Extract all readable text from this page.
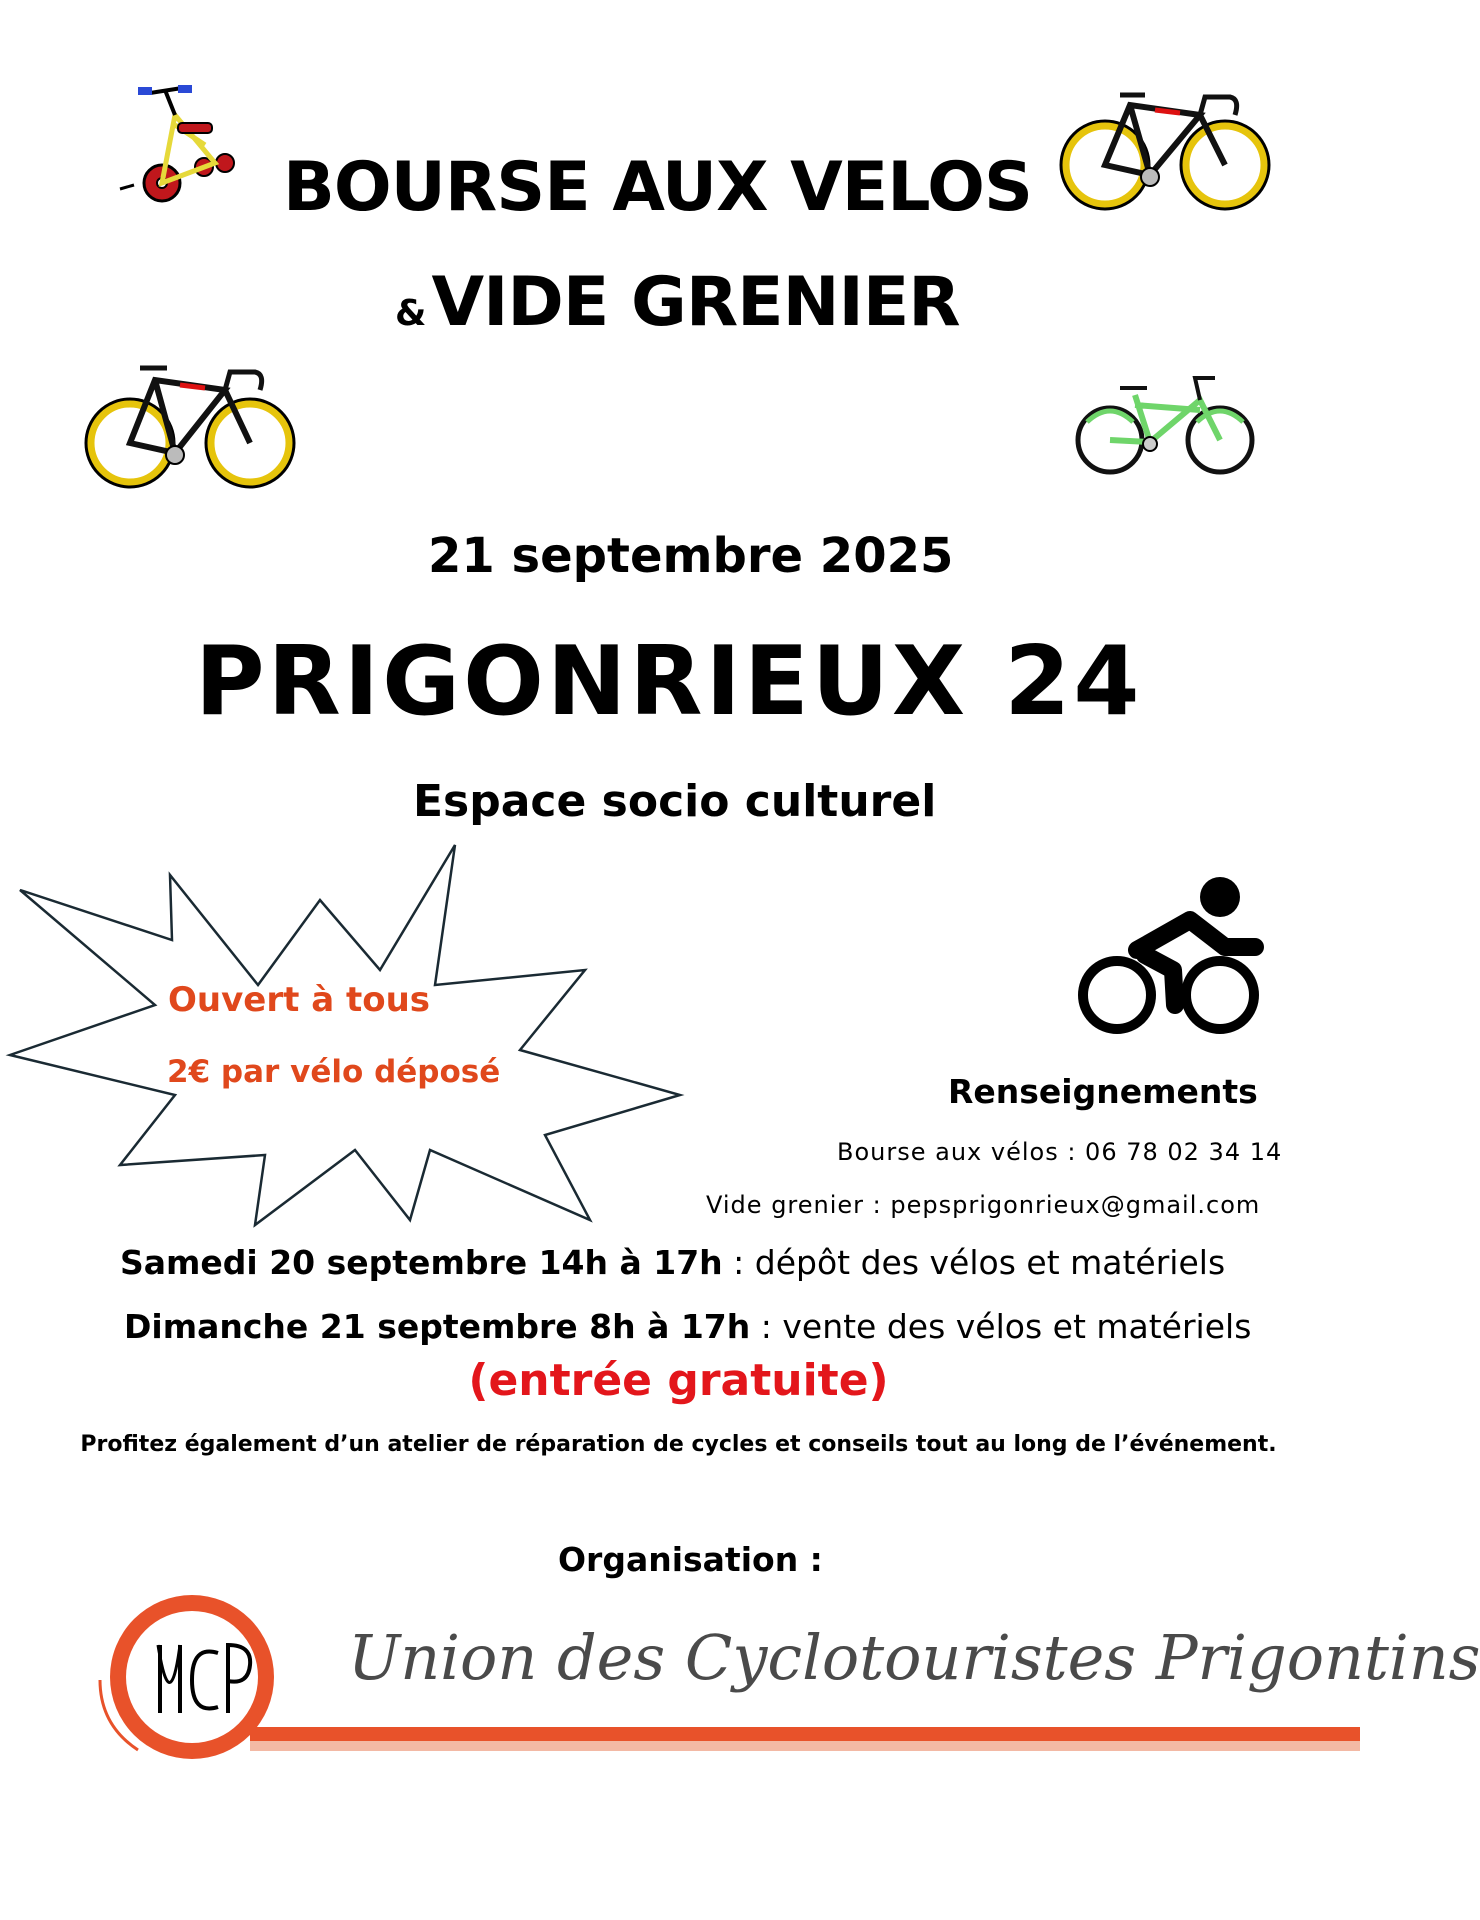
BOURSE AUX VELOS
& VIDE GRENIER
21 septembre 2025
PRIGONRIEUX 24
Espace socio culturel
Ouvert à tous
2€ par vélo déposé	Renseignements
Bourse aux vélos : 06 78 02 34 14
Vide grenier : pepsprigonrieux@gmail.com
Samedi 20 septembre 14h à 17h : dépôt des vélos et matériels
Dimanche 21 septembre 8h à 17h : vente des vélos et matériels
(entrée gratuite)
Profitez également d’un atelier de réparation de cycles et conseils tout au long de l’événement.
Organisation :
Union des Cyclotouristes Prigontins
